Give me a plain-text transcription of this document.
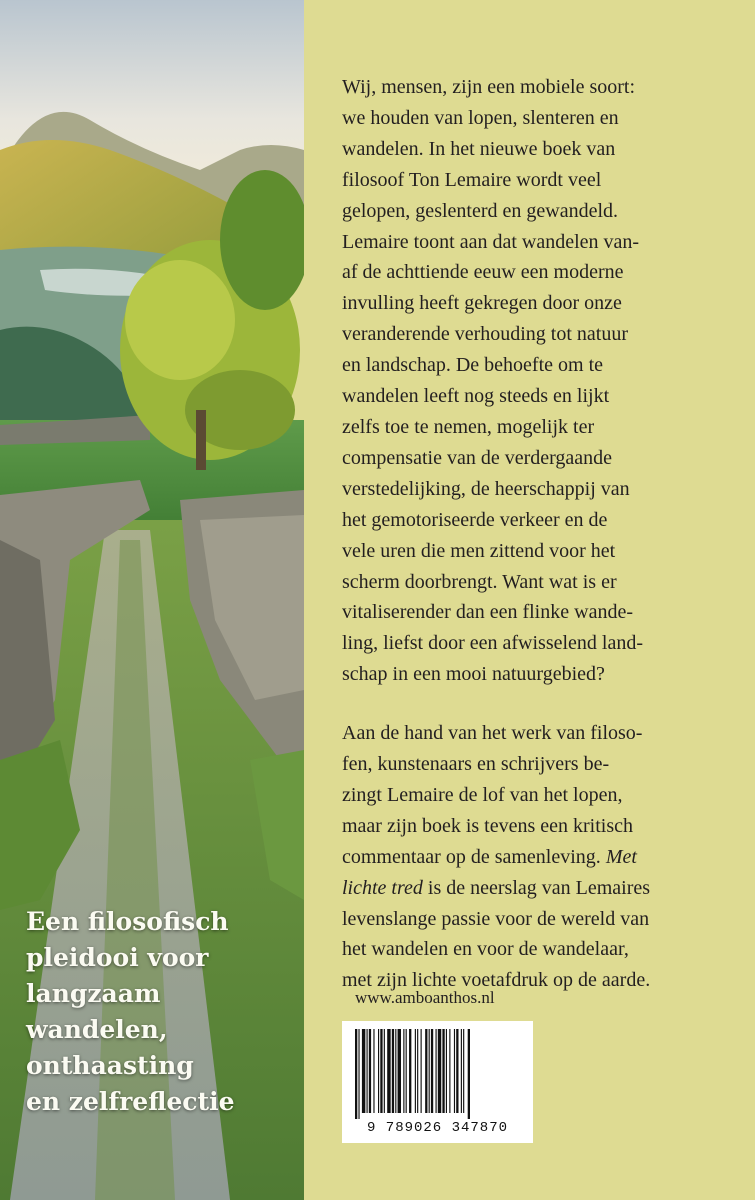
Een filosofisch
pleidooi voor
langzaam
wandelen,
onthaasting
en zelfreflectie
Wij, mensen, zijn een mobiele soort:
we houden van lopen, slenteren en
wandelen. In het nieuwe boek van
filosoof Ton Lemaire wordt veel
gelopen, geslenterd en gewandeld.
Lemaire toont aan dat wandelen van-
af de achttiende eeuw een moderne
invulling heeft gekregen door onze
veranderende verhouding tot natuur
en landschap. De behoefte om te
wandelen leeft nog steeds en lijkt
zelfs toe te nemen, mogelijk ter
compensatie van de verdergaande
verstedelijking, de heerschappij van
het gemotoriseerde verkeer en de
vele uren die men zittend voor het
scherm doorbrengt. Want wat is er
vitaliserender dan een flinke wande-
ling, liefst door een afwisselend land-
schap in een mooi natuurgebied?
Aan de hand van het werk van filoso-
fen, kunstenaars en schrijvers be-
zingt Lemaire de lof van het lopen,
maar zijn boek is tevens een kritisch
commentaar op de samenleving. Met
lichte tred is de neerslag van Lemaires
levenslange passie voor de wereld van
het wandelen en voor de wandelaar,
met zijn lichte voetafdruk op de aarde.

www.amboanthos.nl

9 789026 347870
